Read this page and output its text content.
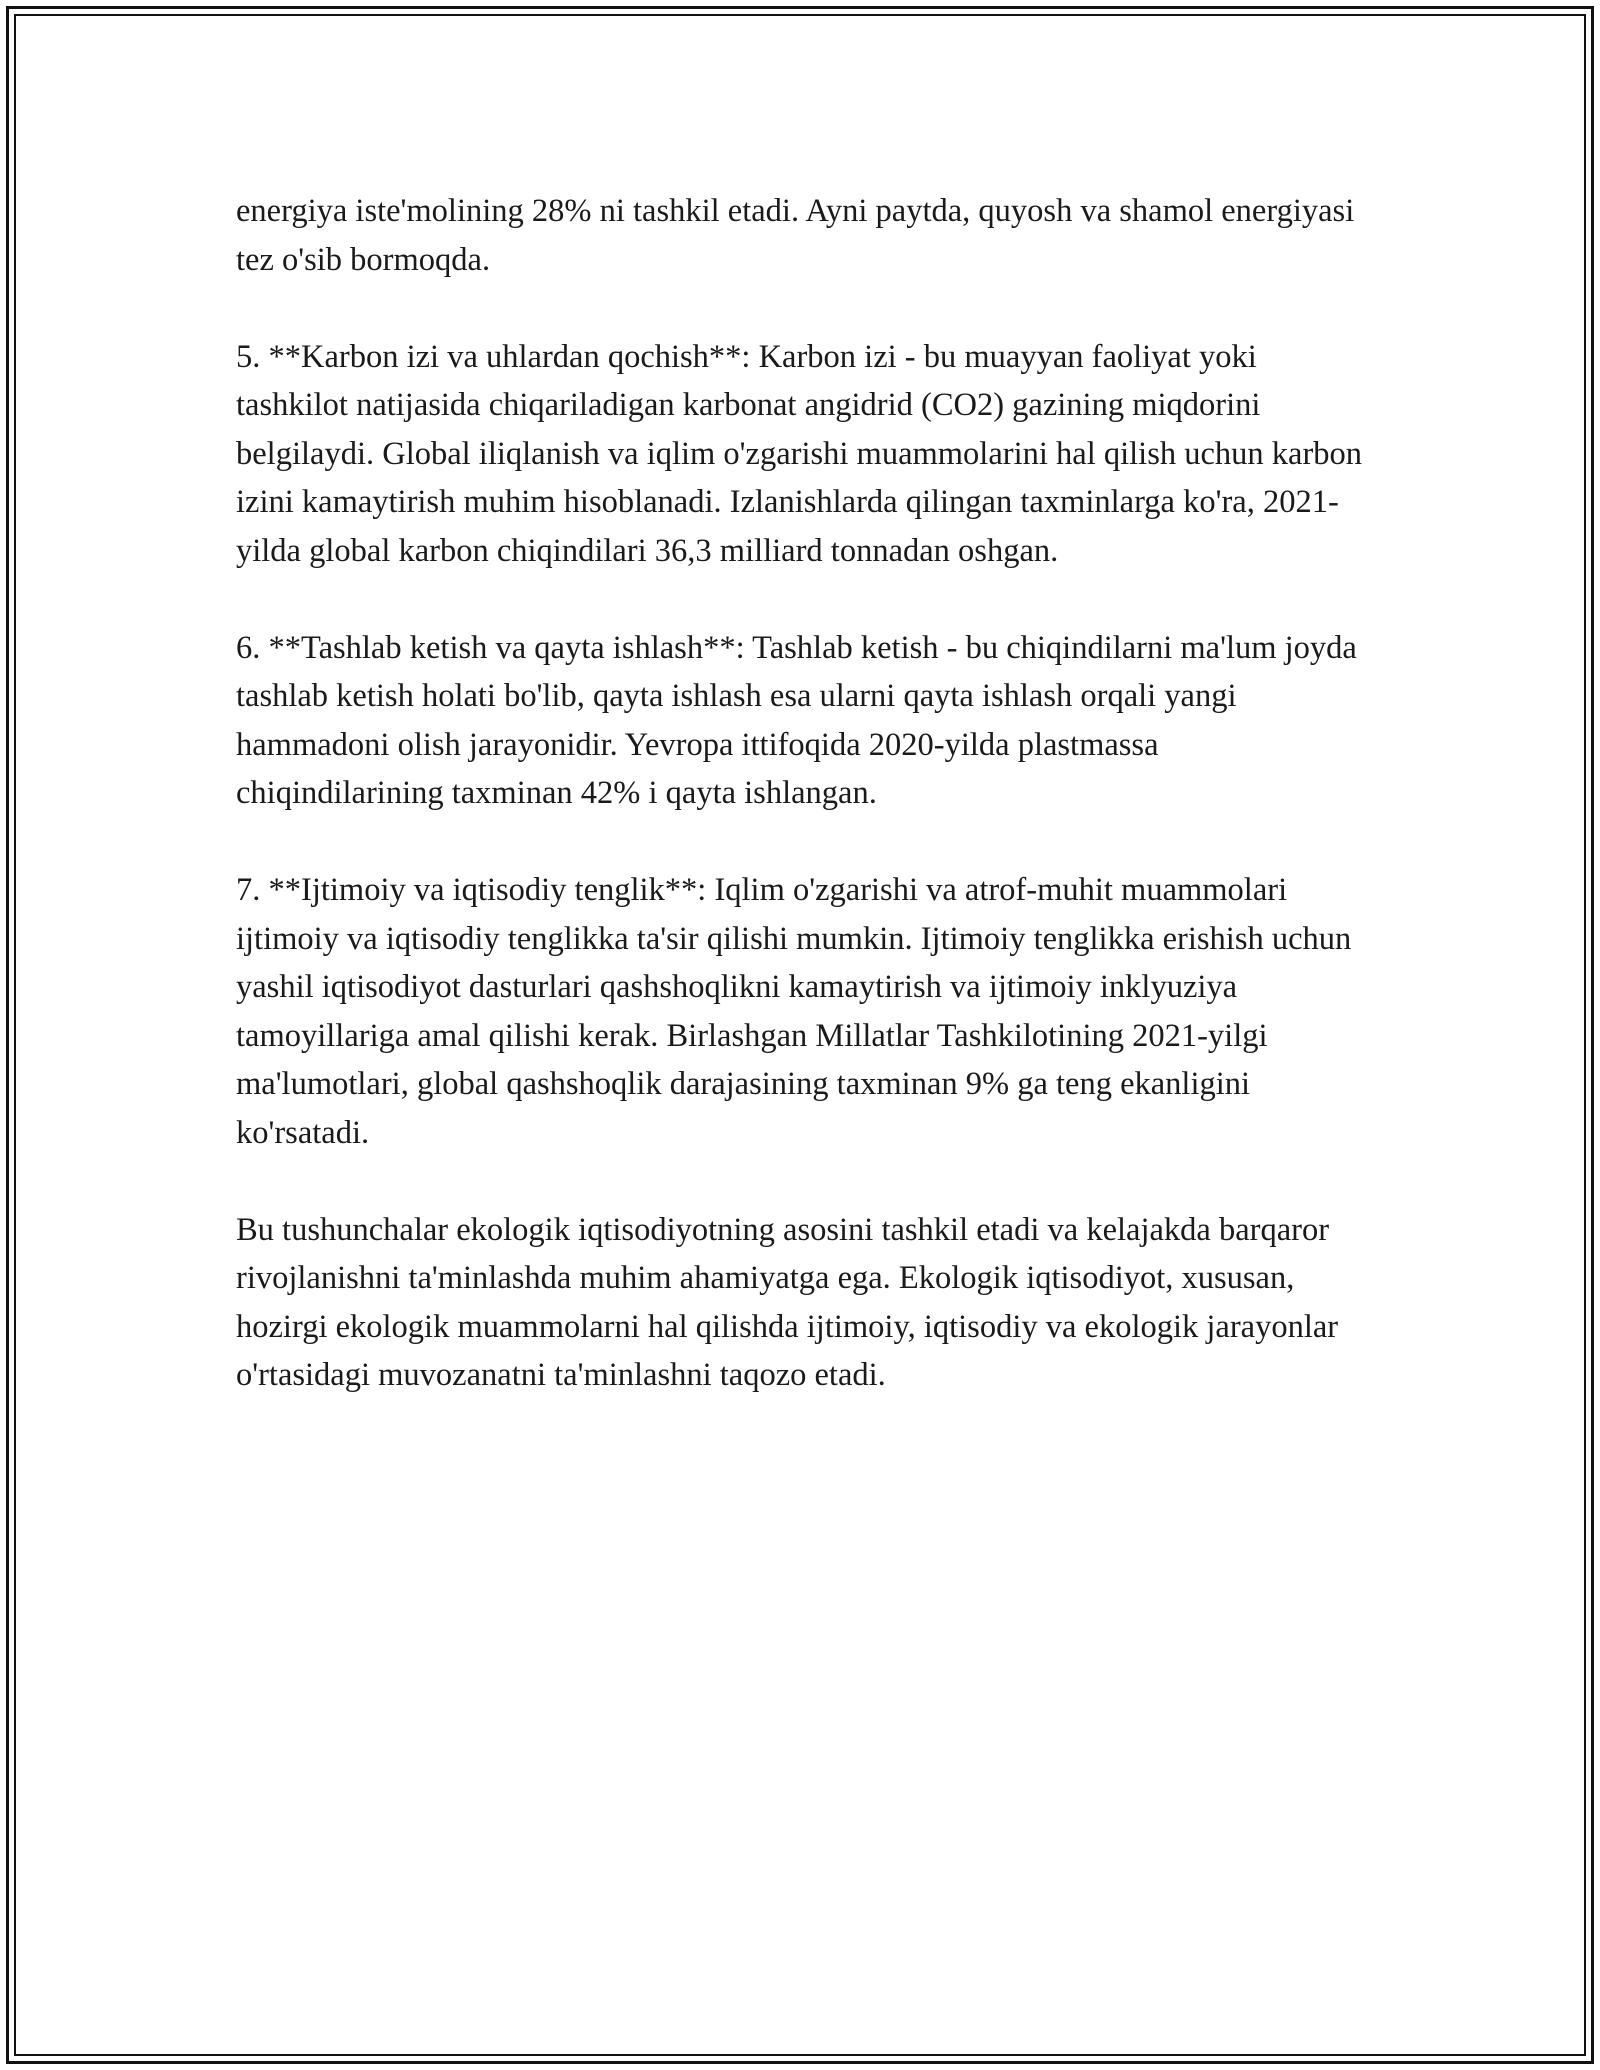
energiya iste'molining 28% ni tashkil etadi. Ayni paytda, quyosh va shamol energiyasi tez o'sib bormoqda.

5. **Karbon izi va uhlardan qochish**: Karbon izi - bu muayyan faoliyat yoki tashkilot natijasida chiqariladigan karbonat angidrid (CO2) gazining miqdorini belgilaydi. Global iliqlanish va iqlim o'zgarishi muammolarini hal qilish uchun karbon izini kamaytirish muhim hisoblanadi. Izlanishlarda qilingan taxminlarga ko'ra, 2021-yilda global karbon chiqindilari 36,3 milliard tonnadan oshgan.

6. **Tashlab ketish va qayta ishlash**: Tashlab ketish - bu chiqindilarni ma'lum joyda tashlab ketish holati bo'lib, qayta ishlash esa ularni qayta ishlash orqali yangi hammadoni olish jarayonidir. Yevropa ittifoqida 2020-yilda plastmassa chiqindilarining taxminan 42% i qayta ishlangan.

7. **Ijtimoiy va iqtisodiy tenglik**: Iqlim o'zgarishi va atrof-muhit muammolari ijtimoiy va iqtisodiy tenglikka ta'sir qilishi mumkin. Ijtimoiy tenglikka erishish uchun yashil iqtisodiyot dasturlari qashshoqlikni kamaytirish va ijtimoiy inklyuziya tamoyillariga amal qilishi kerak. Birlashgan Millatlar Tashkilotining 2021-yilgi ma'lumotlari, global qashshoqlik darajasining taxminan 9% ga teng ekanligini ko'rsatadi.

Bu tushunchalar ekologik iqtisodiyotning asosini tashkil etadi va kelajakda barqaror rivojlanishni ta'minlashda muhim ahamiyatga ega. Ekologik iqtisodiyot, xususan, hozirgi ekologik muammolarni hal qilishda ijtimoiy, iqtisodiy va ekologik jarayonlar o'rtasidagi muvozanatni ta'minlashni taqozo etadi.
